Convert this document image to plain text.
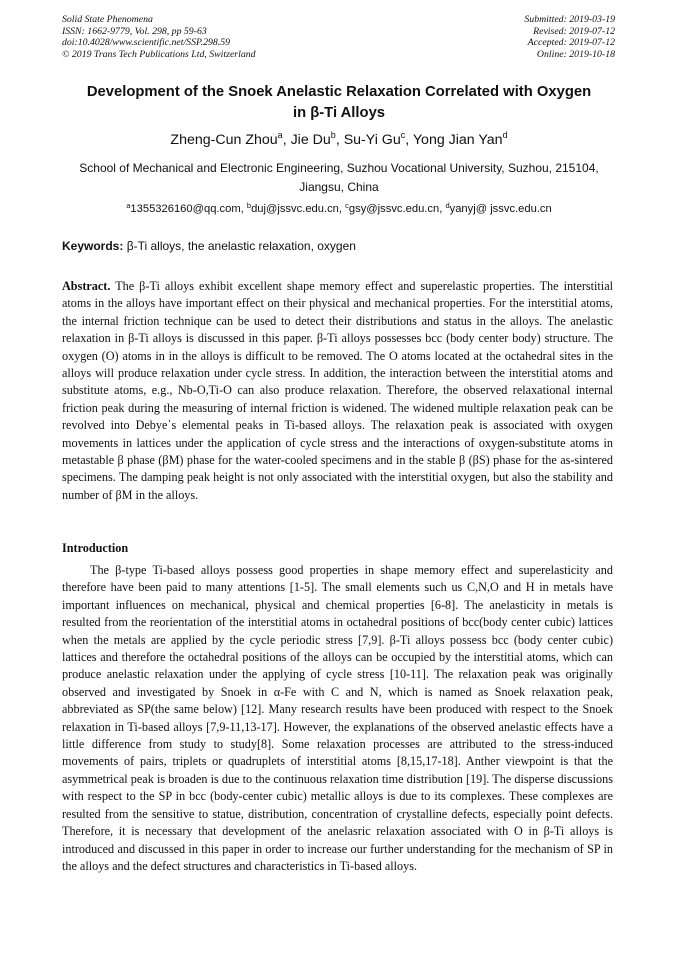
Solid State Phenomena
ISSN: 1662-9779, Vol. 298, pp 59-63
doi:10.4028/www.scientific.net/SSP.298.59
© 2019 Trans Tech Publications Ltd, Switzerland
Submitted: 2019-03-19
Revised: 2019-07-12
Accepted: 2019-07-12
Online: 2019-10-18
Development of the Snoek Anelastic Relaxation Correlated with Oxygen
in β-Ti Alloys
Zheng-Cun Zhou$^a$, Jie Du$^b$, Su-Yi Gu$^c$, Yong Jian Yan$^d$
School of Mechanical and Electronic Engineering, Suzhou Vocational University, Suzhou, 215104,
Jiangsu, China
$^a$1355326160@qq.com, $^b$duj@jssvc.edu.cn, $^c$gsy@jssvc.edu.cn, $^d$yanyj@ jssvc.edu.cn
Keywords: β-Ti alloys, the anelastic relaxation, oxygen

Abstract. The β-Ti alloys exhibit excellent shape memory effect and superelastic properties. The interstitial atoms in the alloys have important effect on their physical and mechanical properties. For the interstitial atoms, the internal friction technique can be used to detect their distributions and status in the alloys. The anelastic relaxation in β-Ti alloys is discussed in this paper. β-Ti alloys possesses bcc (body center body) structure. The oxygen (O) atoms in in the alloys is difficult to be removed. The O atoms located at the octahedral sites in the alloys will produce relaxation under cycle stress. In addition, the interaction between the interstitial atoms and substitute atoms, e.g., Nb-O,Ti-O can also produce relaxation. Therefore, the observed relaxational internal friction peak during the measuring of internal friction is widened. The widened multiple relaxation peak can be revolved into Debye᾿s elemental peaks in Ti-based alloys. The relaxation peak is associated with oxygen movements in lattices under the application of cycle stress and the interactions of oxygen-substitute atoms in metastable β phase (βM) phase for the water-cooled specimens and in the stable β (βS) phase for the as-sintered specimens. The damping peak height is not only associated with the interstitial oxygen, but also the stability and number of βM in the alloys.

Introduction

The β-type Ti-based alloys possess good properties in shape memory effect and superelasticity and therefore have been paid to many attentions [1-5]. The small elements such us C,N,O and H in metals have important influences on mechanical, physical and chemical properties [6-8]. The anelasticity in metals is resulted from the reorientation of the interstitial atoms in octahedral positions of bcc(body center cubic) lattices when the metals are applied by the cycle periodic stress [7,9]. β-Ti alloys possess bcc (body center cubic) lattices and therefore the octahedral positions of the alloys can be occupied by the interstitial atoms, which can produce anelastic relaxation under the applying of cycle stress [10-11]. The relaxation peak was originally observed and investigated by Snoek in α-Fe with C and N, which is named as Snoek relaxation peak, abbreviated as SP(the same below) [12]. Many research results have been produced with respect to the Snoek relaxation in Ti-based alloys [7,9-11,13-17]. However, the explanations of the observed anelastic effects have a little difference from study to study[8]. Some relaxation processes are attributed to the stress-induced movements of pairs, triplets or quadruplets of interstitial atoms [8,15,17-18]. Anther viewpoint is that the asymmetrical peak is broaden is due to the continuous relaxation time distribution [19]. The disperse discussions with respect to the SP in bcc (body-center cubic) metallic alloys is due to its complexes. These complexes are resulted from the sensitive to statue, distribution, concentration of crystalline defects, especially point defects. Therefore, it is necessary that development of the anelasric relaxation associated with O in β-Ti alloys is introduced and discussed in this paper in order to increase our further understanding for the mechanism of SP in the alloys and the defect structures and characteristics in Ti-based alloys.
